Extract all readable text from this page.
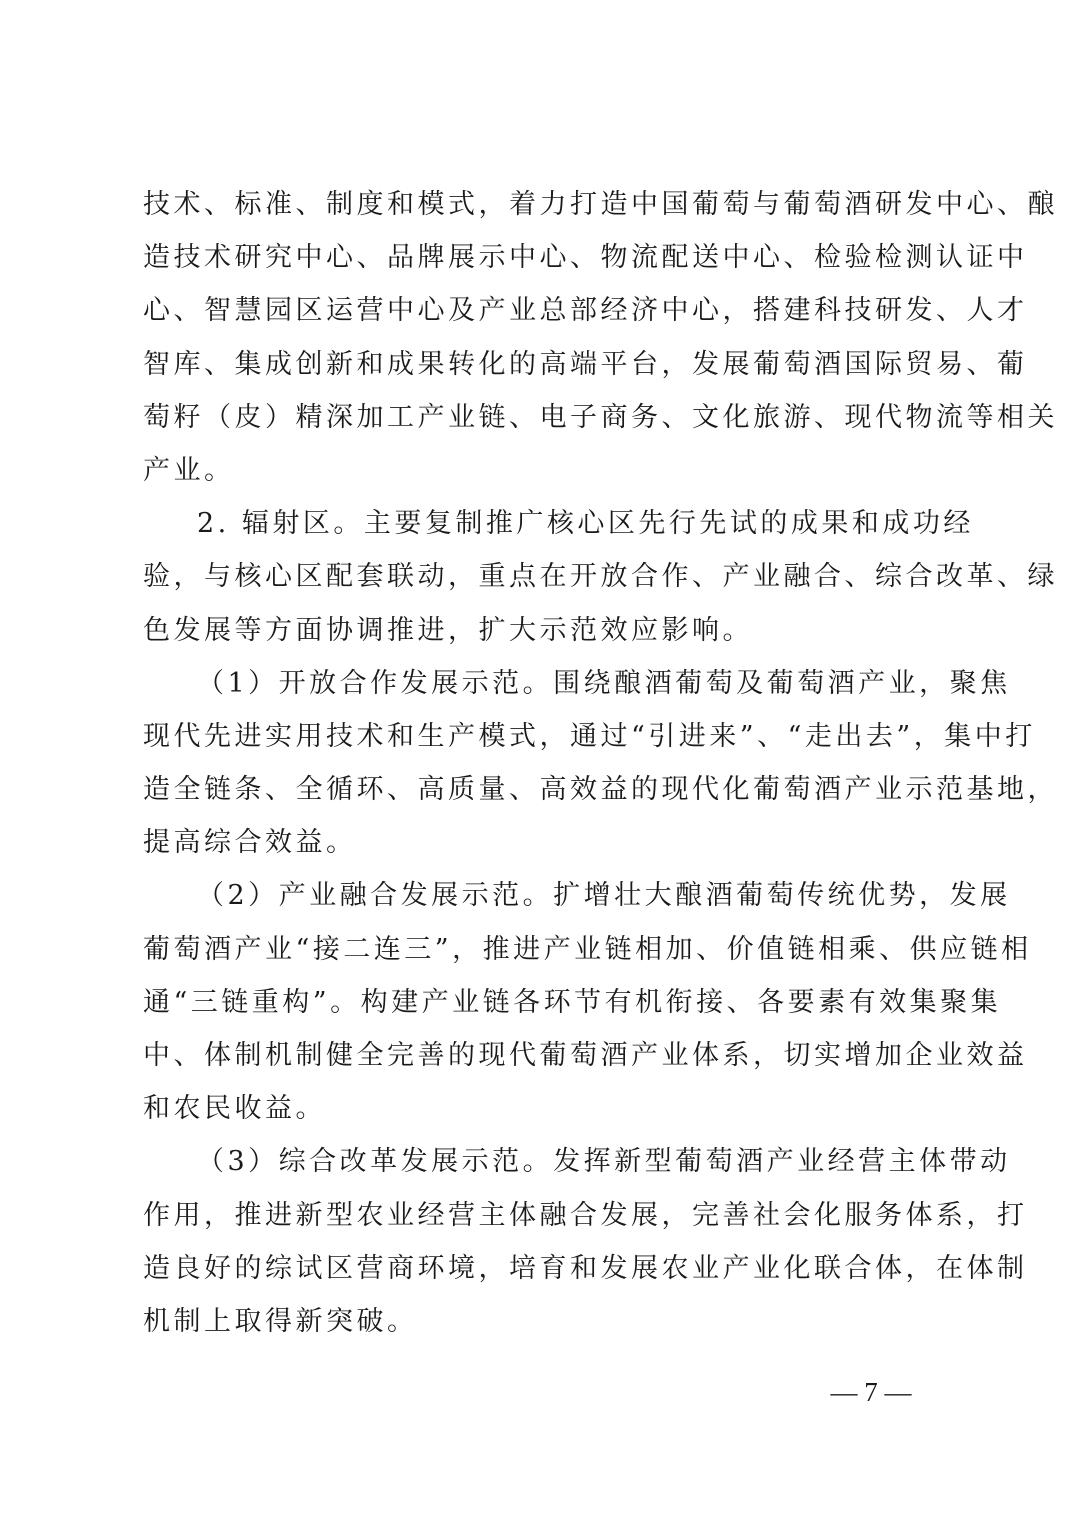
技术、标准、制度和模式，着力打造中国葡萄与葡萄酒研发中心、酿
造技术研究中心、品牌展示中心、物流配送中心、检验检测认证中
心、智慧园区运营中心及产业总部经济中心，搭建科技研发、人才
智库、集成创新和成果转化的高端平台，发展葡萄酒国际贸易、葡
萄籽（皮）精深加工产业链、电子商务、文化旅游、现代物流等相关
产业。
2. 辐射区。主要复制推广核心区先行先试的成果和成功经
验，与核心区配套联动，重点在开放合作、产业融合、综合改革、绿
色发展等方面协调推进，扩大示范效应影响。
（1）开放合作发展示范。围绕酿酒葡萄及葡萄酒产业，聚焦
现代先进实用技术和生产模式，通过“引进来”、“走出去”，集中打
造全链条、全循环、高质量、高效益的现代化葡萄酒产业示范基地，
提高综合效益。
（2）产业融合发展示范。扩增壮大酿酒葡萄传统优势，发展
葡萄酒产业“接二连三”，推进产业链相加、价值链相乘、供应链相
通“三链重构”。构建产业链各环节有机衔接、各要素有效集聚集
中、体制机制健全完善的现代葡萄酒产业体系，切实增加企业效益
和农民收益。
（3）综合改革发展示范。发挥新型葡萄酒产业经营主体带动
作用，推进新型农业经营主体融合发展，完善社会化服务体系，打
造良好的综试区营商环境，培育和发展农业产业化联合体，在体制
机制上取得新突破。
— 7 —
